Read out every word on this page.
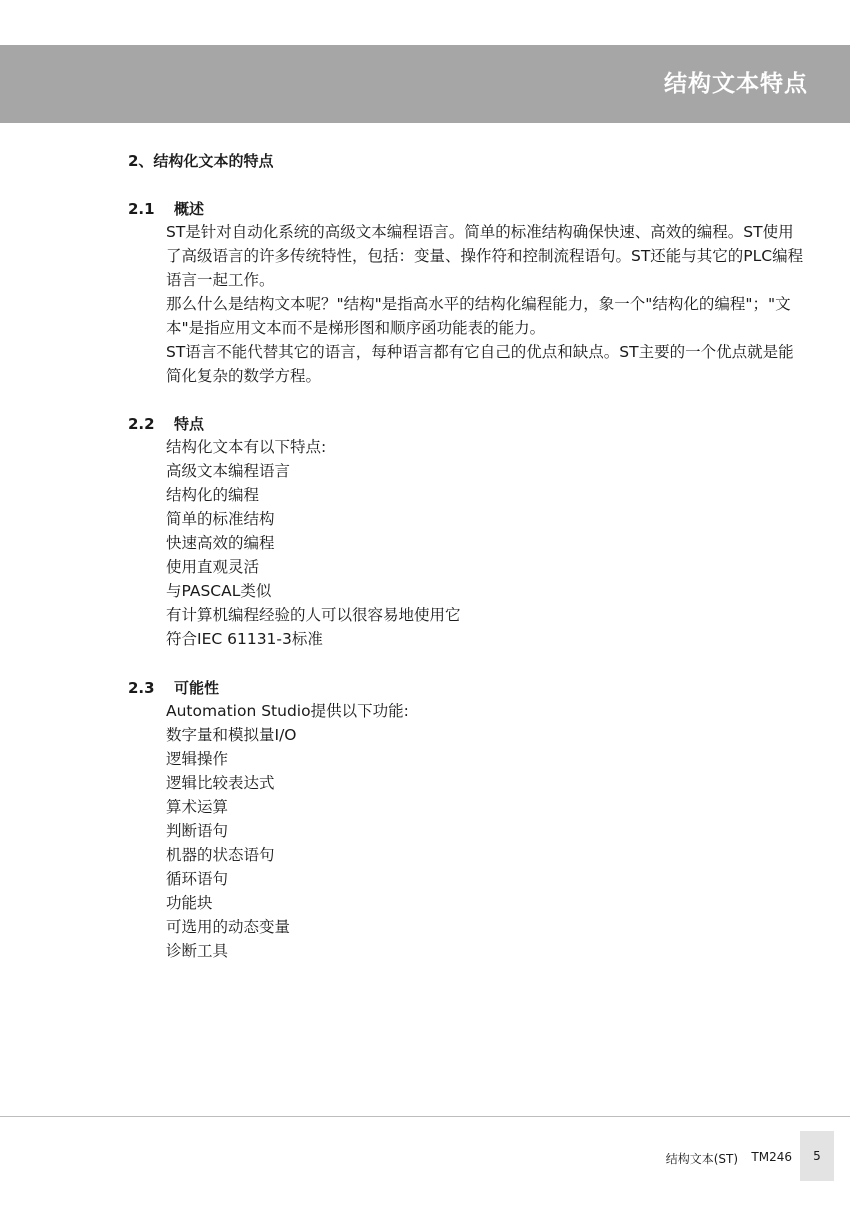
结构文本特点
2、结构化文本的特点
2.1 概述

ST是针对自动化系统的高级文本编程语言。简单的标准结构确保快速、高效的编程。ST使用了高级语言的许多传统特性，包括：变量、操作符和控制流程语句。ST还能与其它的PLC编程语言一起工作。

那么什么是结构文本呢？"结构"是指高水平的结构化编程能力，象一个"结构化的编程"；"文本"是指应用文本而不是梯形图和顺序函功能表的能力。

ST语言不能代替其它的语言，每种语言都有它自己的优点和缺点。ST主要的一个优点就是能简化复杂的数学方程。

2.2 特点
结构化文本有以下特点:
高级文本编程语言
结构化的编程
简单的标准结构
快速高效的编程
使用直观灵活
与PASCAL类似
有计算机编程经验的人可以很容易地使用它
符合IEC 61131-3标准
2.3 可能性
Automation Studio提供以下功能:
数字量和模拟量I/O
逻辑操作
逻辑比较表达式
算术运算
判断语句
机器的状态语句
循环语句
功能块
可选用的动态变量
诊断工具
结构文本(ST) TM246	5
